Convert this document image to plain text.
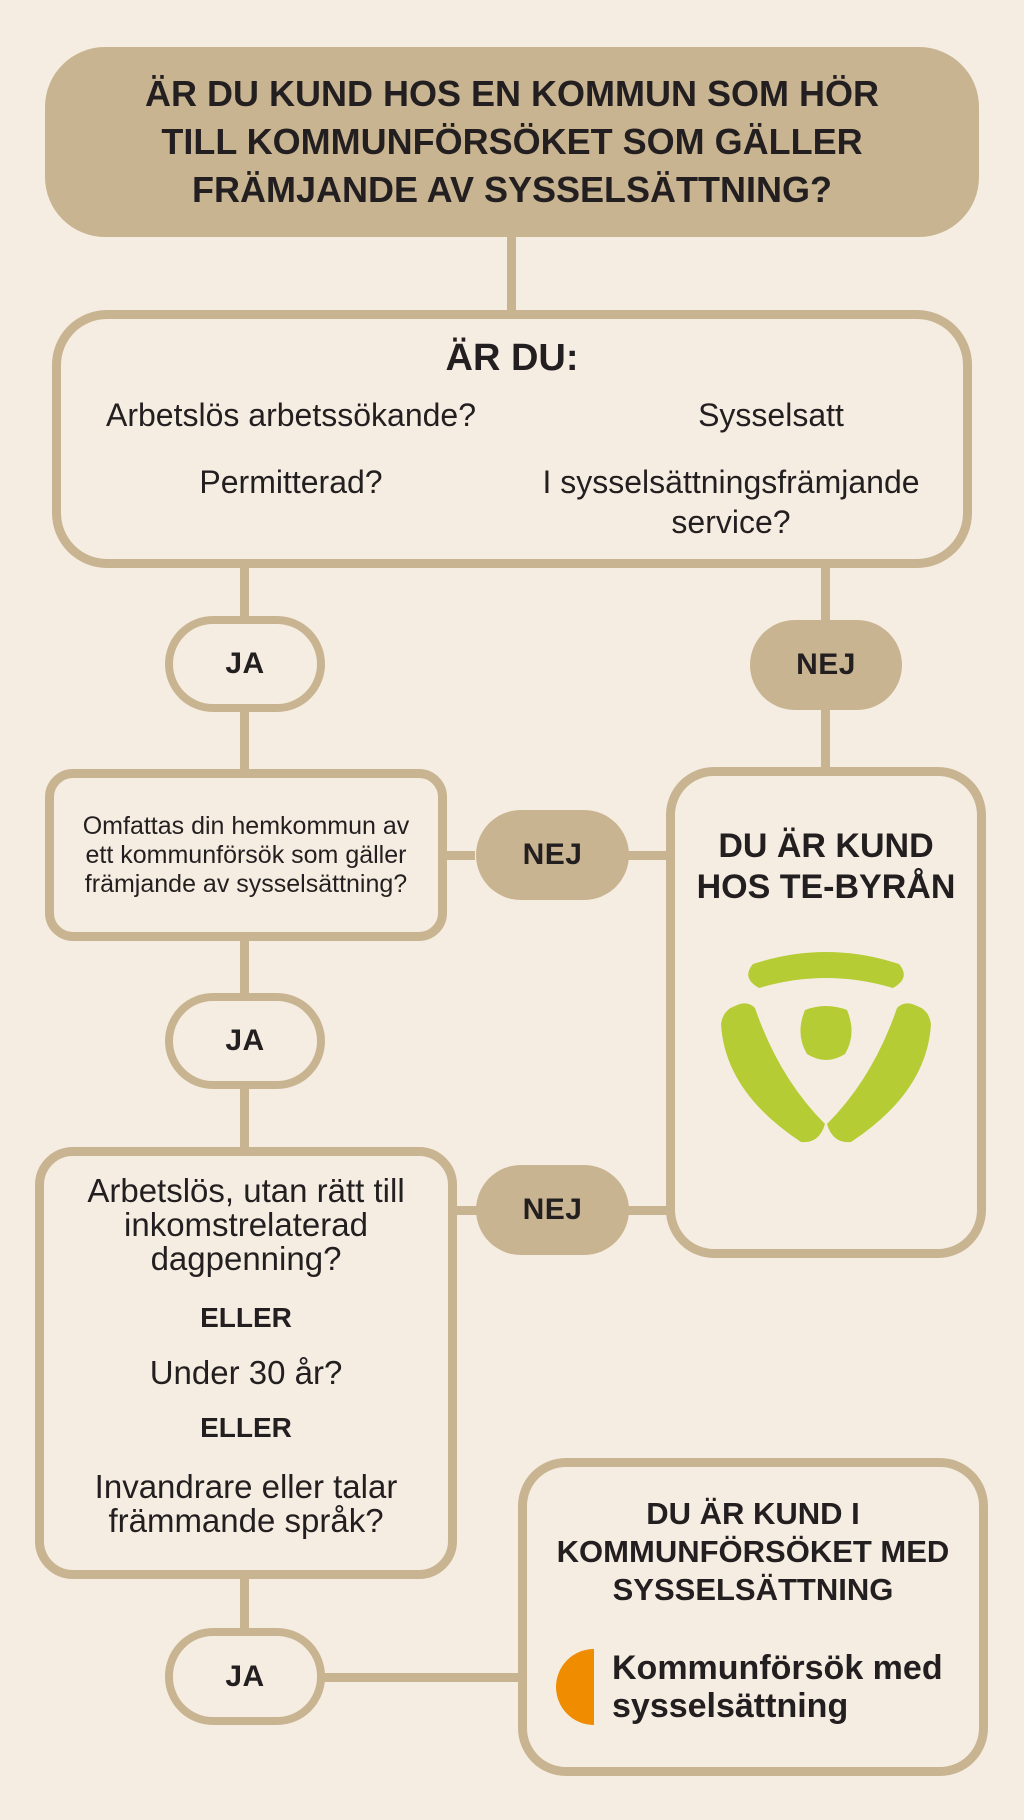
ÄR DU KUND HOS EN KOMMUN SOM HÖR TILL KOMMUNFÖRSÖKET SOM GÄLLER FRÄMJANDE AV SYSSELSÄTTNING?
ÄR DU:
Arbetslös arbetssökande?	Sysselsatt
Permitterad?	I sysselsättningsfrämjande service?
JA	NEJ
NEJ
JA
NEJ
JA
Omfattas din hemkommun av ett kommunförsök som gäller främjande av sysselsättning?
Arbetslös, utan rätt till inkomstrelaterad dagpenning?
ELLER
Under 30 år?
ELLER
Invandrare eller talar främmande språk?
DU ÄR KUND HOS TE-BYRÅN
DU ÄR KUND I KOMMUNFÖRSÖKET MED SYSSELSÄTTNING
Kommunförsök med sysselsättning
